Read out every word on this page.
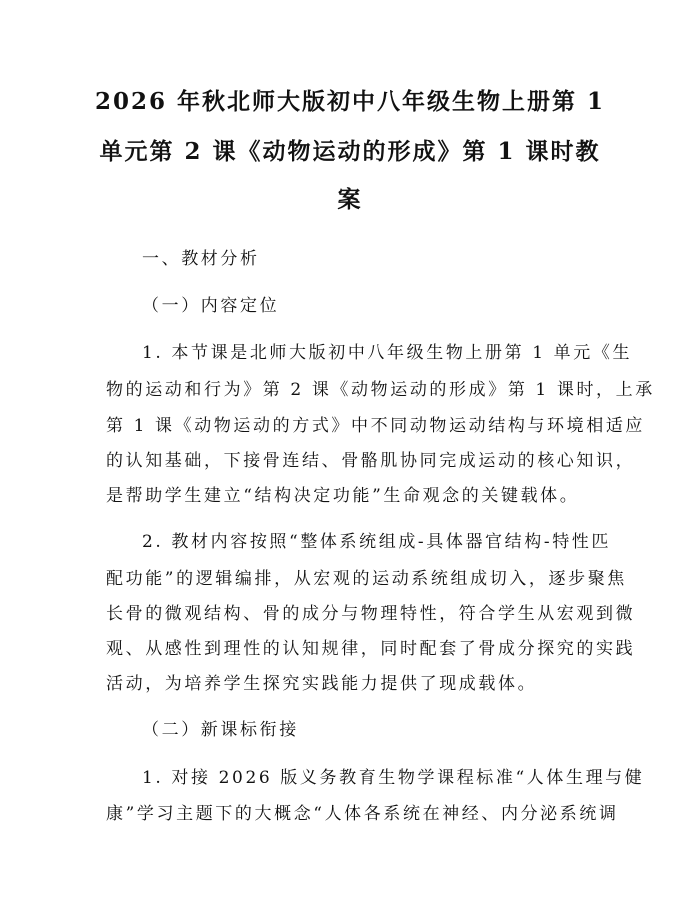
2026 年秋北师大版初中八年级生物上册第 1
单元第 2 课《动物运动的形成》第 1 课时教
案
一、教材分析
（一）内容定位
1. 本节课是北师大版初中八年级生物上册第 1 单元《生
物的运动和行为》第 2 课《动物运动的形成》第 1 课时，上承
第 1 课《动物运动的方式》中不同动物运动结构与环境相适应
的认知基础，下接骨连结、骨骼肌协同完成运动的核心知识，
是帮助学生建立“结构决定功能”生命观念的关键载体。
2. 教材内容按照“整体系统组成-具体器官结构-特性匹
配功能”的逻辑编排，从宏观的运动系统组成切入，逐步聚焦
长骨的微观结构、骨的成分与物理特性，符合学生从宏观到微
观、从感性到理性的认知规律，同时配套了骨成分探究的实践
活动，为培养学生探究实践能力提供了现成载体。
（二）新课标衔接
1. 对接 2026 版义务教育生物学课程标准“人体生理与健
康”学习主题下的大概念“人体各系统在神经、内分泌系统调
